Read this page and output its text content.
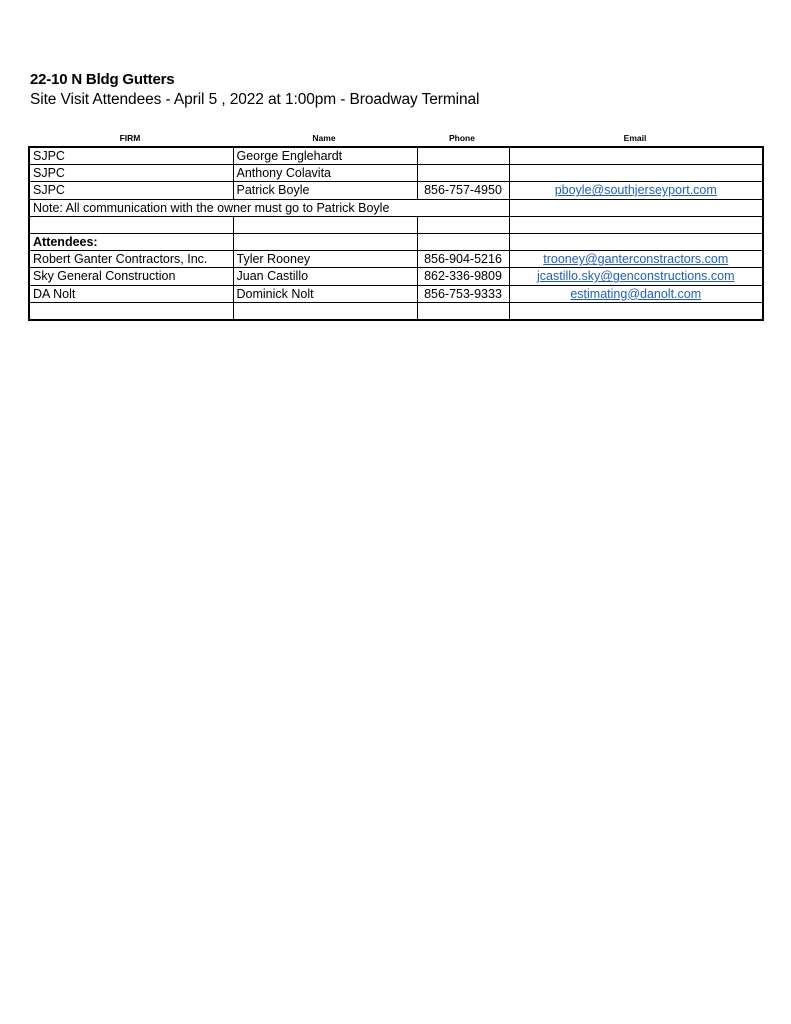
22-10 N Bldg Gutters
Site Visit Attendees - April 5 , 2022 at 1:00pm - Broadway Terminal
FIRM	Name	Phone	Email
SJPC	George Englehardt		
SJPC	Anthony Colavita		
SJPC	Patrick Boyle	856-757-4950	pboyle@southjerseyport.com

Note: All communication with the owner must go to Patrick Boyle			

Attendees:			
Robert Ganter Contractors, Inc.	Tyler Rooney	856-904-5216	trooney@ganterconstractors.com
Sky General Construction	Juan Castillo	862-336-9809	jcastillo.sky@genconstructions.com
DA Nolt	Dominick Nolt	856-753-9333	estimating@danolt.com
